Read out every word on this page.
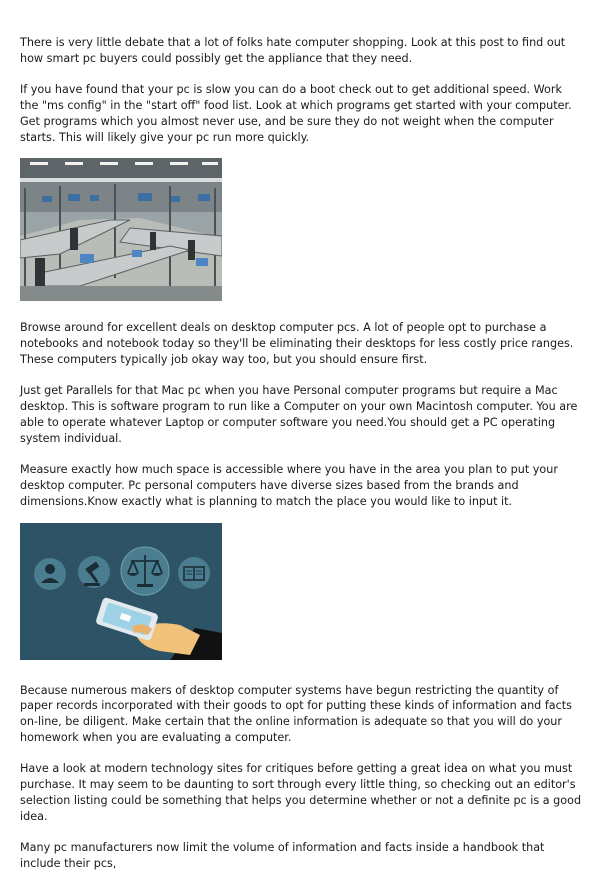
There is very little debate that a lot of folks hate computer shopping. Look at this post to find out how smart pc buyers could possibly get the appliance that they need.

If you have found that your pc is slow you can do a boot check out to get additional speed. Work the "ms config" in the "start off" food list. Look at which programs get started with your computer. Get programs which you almost never use, and be sure they do not weight when the computer starts. This will likely give your pc run more quickly.

Browse around for excellent deals on desktop computer pcs. A lot of people opt to purchase a notebooks and notebook today so they'll be eliminating their desktops for less costly price ranges. These computers typically job okay way too, but you should ensure first.

Just get Parallels for that Mac pc when you have Personal computer programs but require a Mac desktop. This is software program to run like a Computer on your own Macintosh computer. You are able to operate whatever Laptop or computer software you need.You should get a PC operating system individual.

Measure exactly how much space is accessible where you have in the area you plan to put your desktop computer. Pc personal computers have diverse sizes based from the brands and dimensions.Know exactly what is planning to match the place you would like to input it.

Because numerous makers of desktop computer systems have begun restricting the quantity of paper records incorporated with their goods to opt for putting these kinds of information and facts on-line, be diligent. Make certain that the online information is adequate so that you will do your homework when you are evaluating a computer.

Have a look at modern technology sites for critiques before getting a great idea on what you must purchase. It may seem to be daunting to sort through every little thing, so checking out an editor's selection listing could be something that helps you determine whether or not a definite pc is a good idea.

Many pc manufacturers now limit the volume of information and facts inside a handbook that include their pcs,
